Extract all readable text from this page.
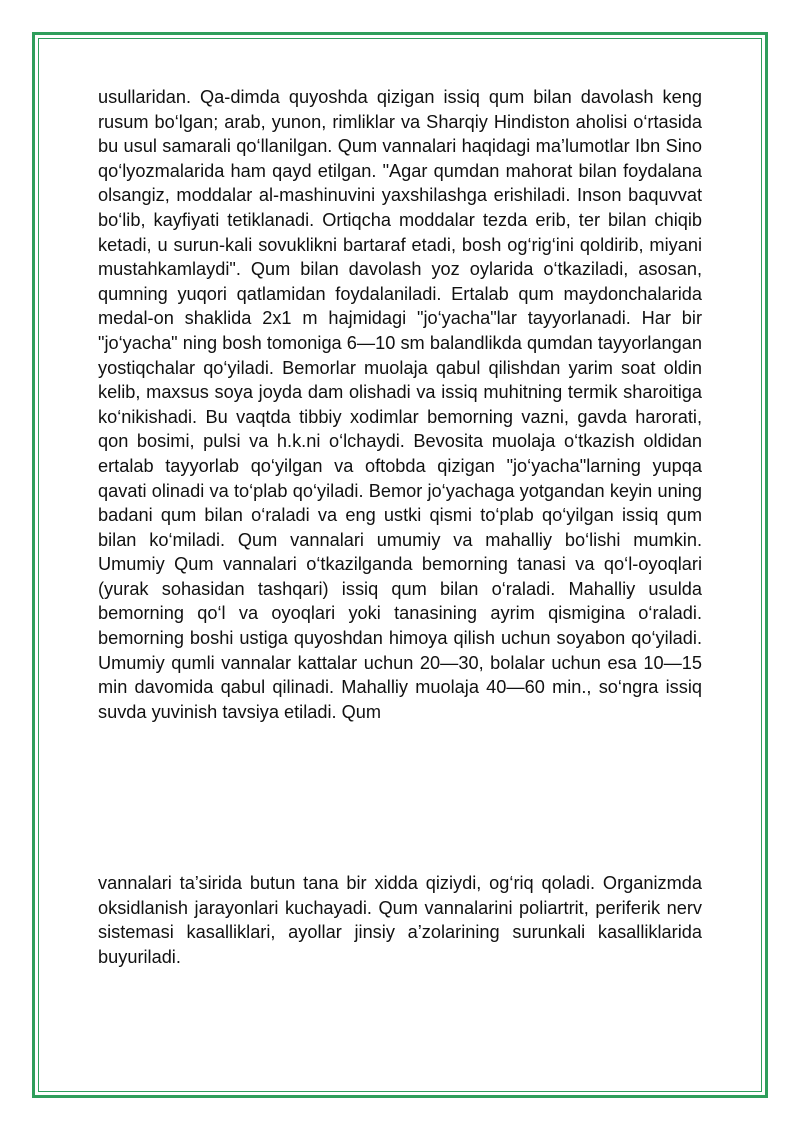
usullaridan. Qa-dimda quyoshda qizigan issiq qum bilan davolash keng rusum bo‘lgan; arab, yunon, rimliklar va Sharqiy Hindiston aholisi o‘rtasida bu usul samarali qo‘llanilgan. Qum vannalari haqidagi ma’lumotlar Ibn Sino qo‘lyozmalarida ham qayd etilgan. "Agar qumdan mahorat bilan foydalana olsangiz, moddalar al-mashinuvini yaxshilashga erishiladi. Inson baquvvat bo‘lib, kayfiyati tetiklanadi. Ortiqcha moddalar tezda erib, ter bilan chiqib ketadi, u surun-kali sovuklikni bartaraf etadi, bosh og‘rig‘ini qoldirib, miyani mustahkamlaydi". Qum bilan davolash yoz oylarida o‘tkaziladi, asosan, qumning yuqori qatlamidan foydalaniladi. Ertalab qum maydonchalarida medal-on shaklida 2x1 m hajmidagi "jo‘yacha"lar tayyorlanadi. Har bir "jo‘yacha" ning bosh tomoniga 6—10 sm balandlikda qumdan tayyorlangan yostiqchalar qo‘yiladi. Bemorlar muolaja qabul qilishdan yarim soat oldin kelib, maxsus soya joyda dam olishadi va issiq muhitning termik sharoitiga ko‘nikishadi. Bu vaqtda tibbiy xodimlar bemorning vazni, gavda harorati, qon bosimi, pulsi va h.k.ni o‘lchaydi. Bevosita muolaja o‘tkazish oldidan ertalab tayyorlab qo‘yilgan va oftobda qizigan "jo‘yacha"larning yupqa qavati olinadi va to‘plab qo‘yiladi. Bemor jo‘yachaga yotgandan keyin uning badani qum bilan o‘raladi va eng ustki qismi to‘plab qo‘yilgan issiq qum bilan ko‘miladi. Qum vannalari umumiy va mahalliy bo‘lishi mumkin. Umumiy Qum vannalari o‘tkazilganda bemorning tanasi va qo‘l-oyoqlari (yurak sohasidan tashqari) issiq qum bilan o‘raladi. Mahalliy usulda bemorning qo‘l va oyoqlari yoki tanasining ayrim qismigina o‘raladi. bemorning boshi ustiga quyoshdan himoya qilish uchun soyabon qo‘yiladi. Umumiy qumli vannalar kattalar uchun 20—30, bolalar uchun esa 10—15 min davomida qabul qilinadi. Mahalliy muolaja 40—60 min., so‘ngra issiq suvda yuvinish tavsiya etiladi. Qum

vannalari ta’sirida butun tana bir xidda qiziydi, og‘riq qoladi. Organizmda oksidlanish jarayonlari kuchayadi. Qum vannalarini poliartrit, periferik nerv sistemasi kasalliklari, ayollar jinsiy a’zolarining surunkali kasalliklarida buyuriladi.
